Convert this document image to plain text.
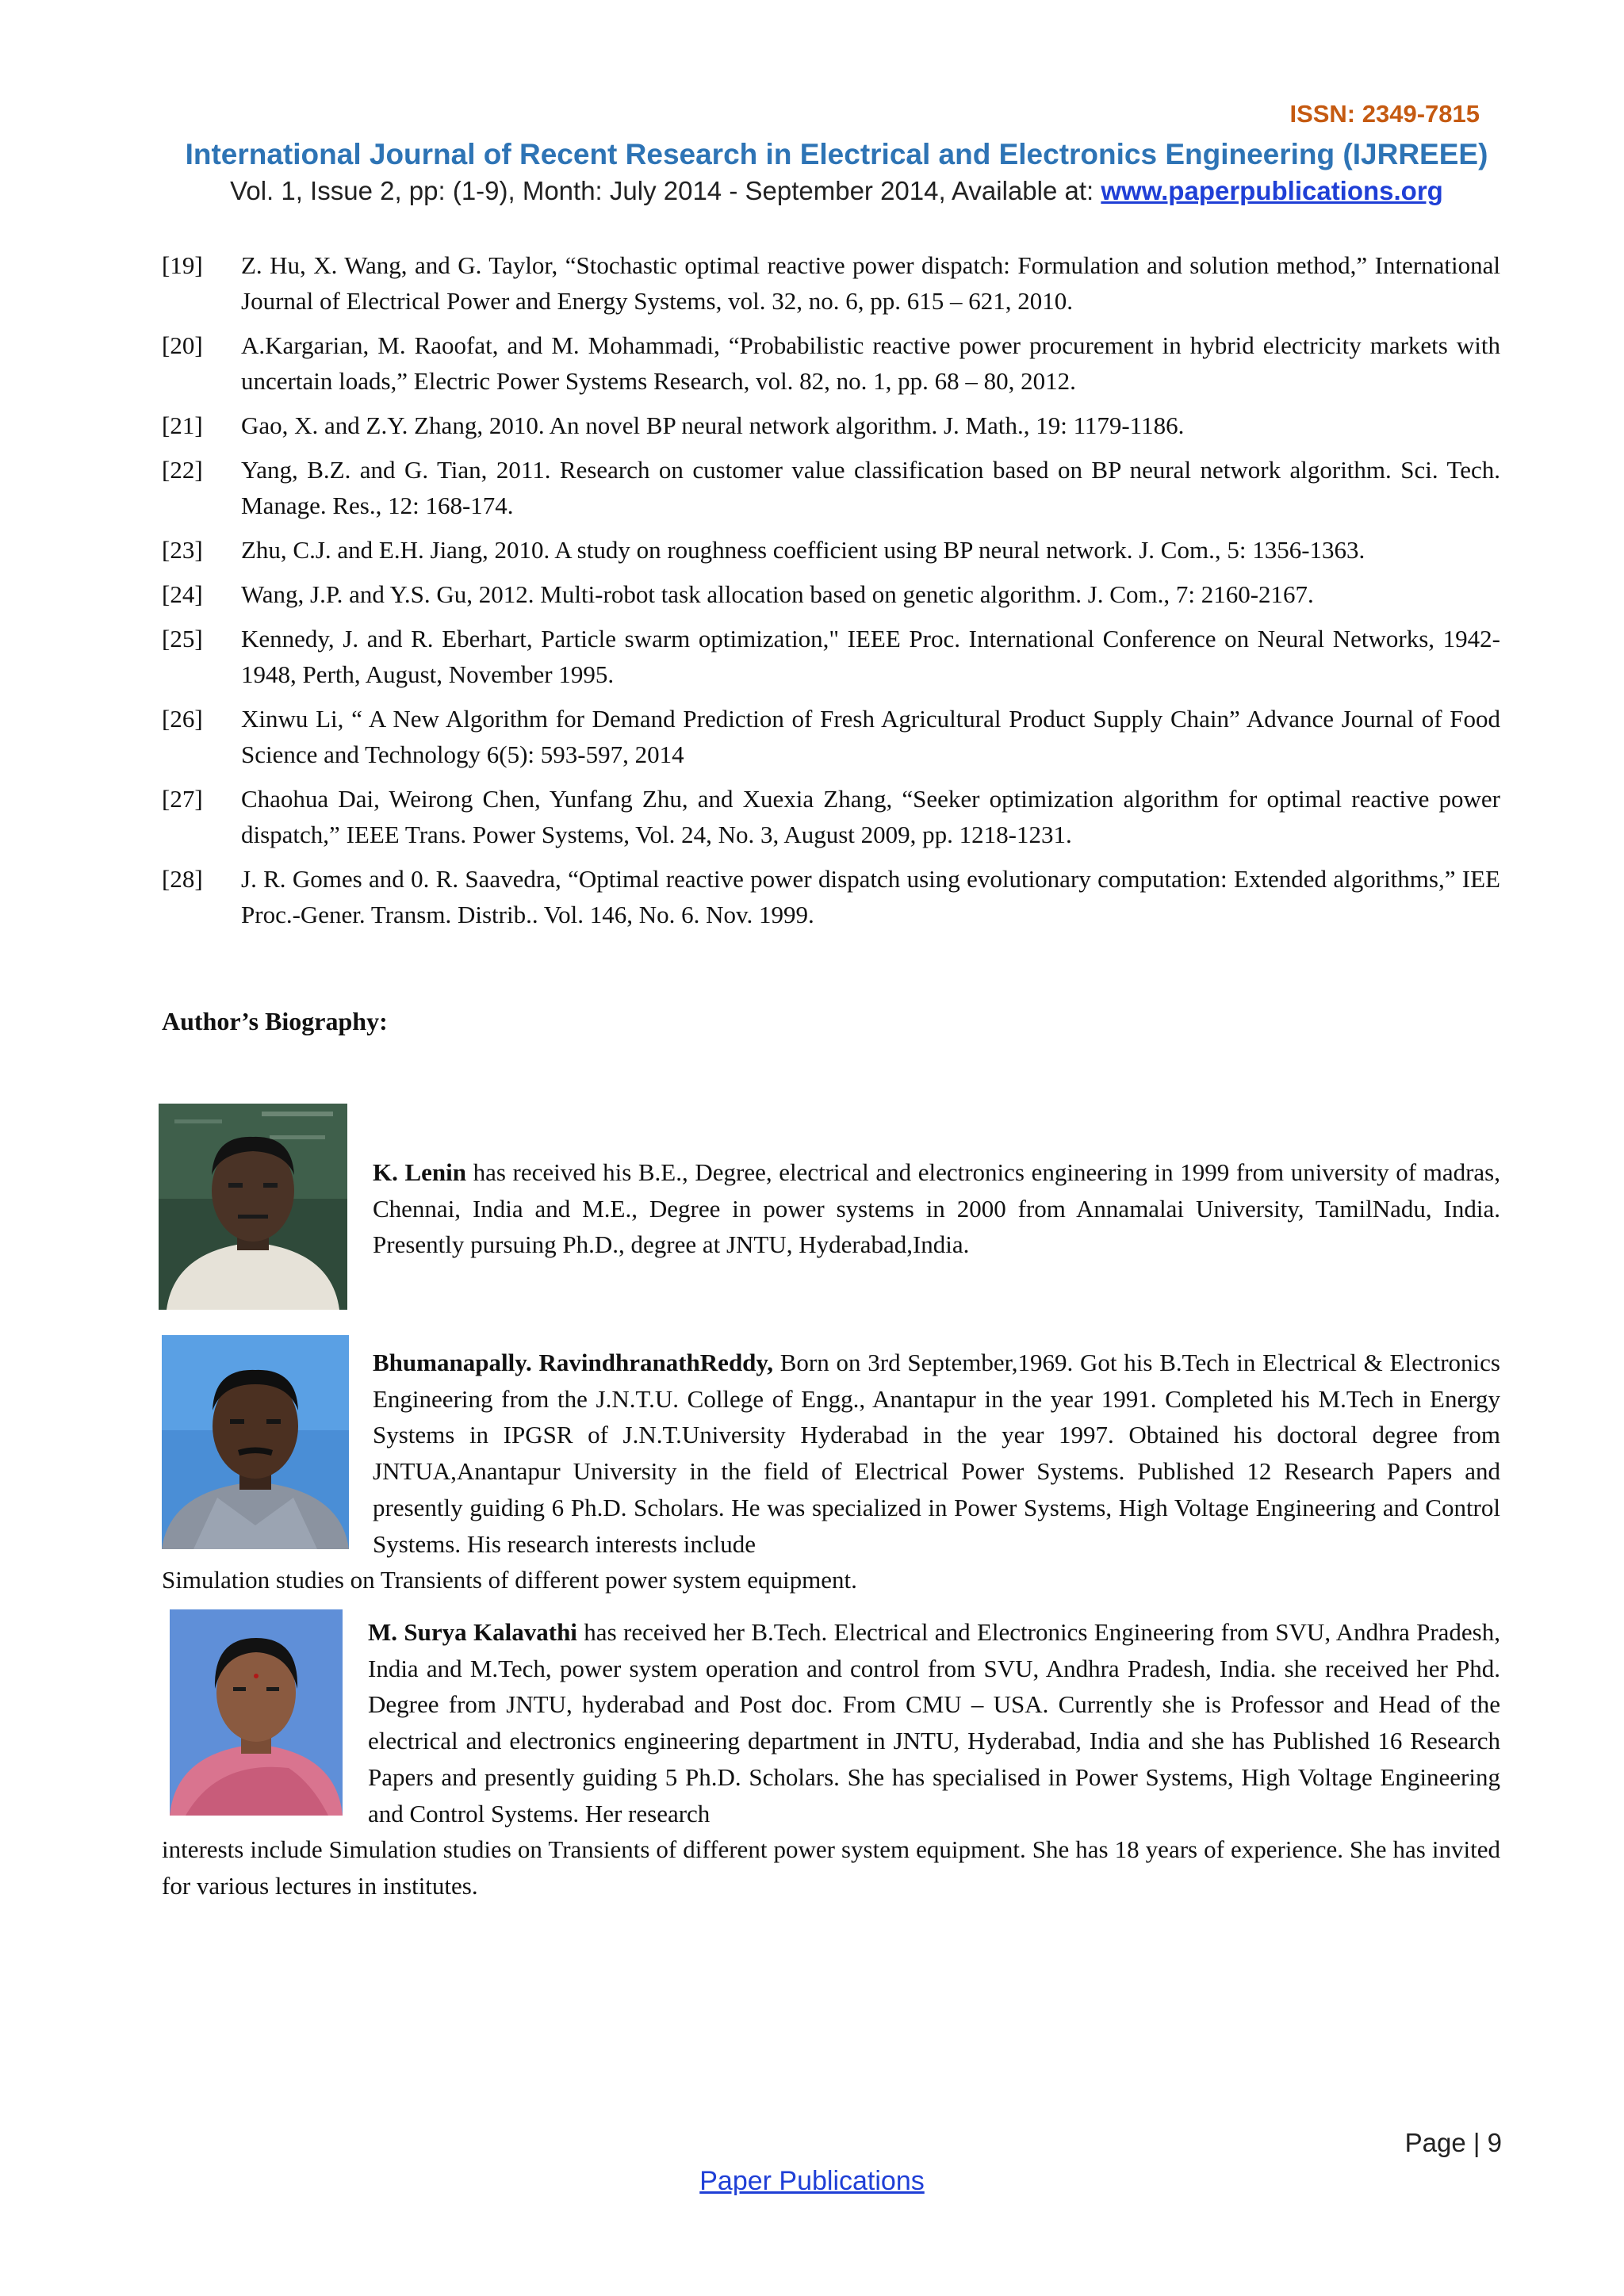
ISSN: 2349-7815
International Journal of Recent Research in Electrical and Electronics Engineering (IJRREEE)
Vol. 1, Issue 2, pp: (1-9), Month: July 2014 - September 2014, Available at: www.paperpublications.org
[19]	Z. Hu, X. Wang, and G. Taylor, “Stochastic optimal reactive power dispatch: Formulation and solution method,” International Journal of Electrical Power and Energy Systems, vol. 32, no. 6, pp. 615 – 621, 2010.
[20]	A.Kargarian, M. Raoofat, and M. Mohammadi, “Probabilistic reactive power procurement in hybrid electricity markets with uncertain loads,” Electric Power Systems Research, vol. 82, no. 1, pp. 68 – 80, 2012.
[21]	Gao, X. and Z.Y. Zhang, 2010. An novel BP neural network algorithm. J. Math., 19: 1179-1186.
[22]	Yang, B.Z. and G. Tian, 2011. Research on customer value classification based on BP neural network algorithm. Sci. Tech. Manage. Res., 12: 168-174.
[23]	Zhu, C.J. and E.H. Jiang, 2010. A study on roughness coefficient using BP neural network. J. Com., 5: 1356-1363.
[24]	Wang, J.P. and Y.S. Gu, 2012. Multi-robot task allocation based on genetic algorithm. J. Com., 7: 2160-2167.
[25]	Kennedy, J. and R. Eberhart, Particle swarm optimization," IEEE Proc. International Conference on Neural Networks, 1942-1948, Perth, August, November 1995.
[26]	Xinwu Li, “ A New Algorithm for Demand Prediction of Fresh Agricultural Product Supply Chain” Advance Journal of Food Science and Technology 6(5): 593-597, 2014
[27]	Chaohua Dai, Weirong Chen, Yunfang Zhu, and Xuexia Zhang, “Seeker optimization algorithm for optimal reactive power dispatch,” IEEE Trans. Power Systems, Vol. 24, No. 3, August 2009, pp. 1218-1231.
[28]	J. R. Gomes and 0. R. Saavedra, “Optimal reactive power dispatch using evolutionary computation: Extended algorithms,” IEE Proc.-Gener. Transm. Distrib.. Vol. 146, No. 6. Nov. 1999.
Author’s Biography:
K. Lenin has received his B.E., Degree, electrical and electronics engineering in 1999 from university of madras, Chennai, India and M.E., Degree in power systems in 2000 from Annamalai University, TamilNadu, India. Presently pursuing Ph.D., degree at JNTU, Hyderabad,India.
Bhumanapally. RavindhranathReddy, Born on 3rd September,1969. Got his B.Tech in Electrical & Electronics Engineering from the J.N.T.U. College of Engg., Anantapur in the year 1991. Completed his M.Tech in Energy Systems in IPGSR of J.N.T.University Hyderabad in the year 1997. Obtained his doctoral degree from JNTUA,Anantapur University in the field of Electrical Power Systems. Published 12 Research Papers and presently guiding 6 Ph.D. Scholars. He was specialized in Power Systems, High Voltage Engineering and Control Systems. His research interests include
Simulation studies on Transients of different power system equipment.
M. Surya Kalavathi has received her B.Tech. Electrical and Electronics Engineering from SVU, Andhra Pradesh, India and M.Tech, power system operation and control from SVU, Andhra Pradesh, India. she received her Phd. Degree from JNTU, hyderabad and Post doc. From CMU – USA. Currently she is Professor and Head of the electrical and electronics engineering department in JNTU, Hyderabad, India and she has Published 16 Research Papers and presently guiding 5 Ph.D. Scholars. She has specialised in Power Systems, High Voltage Engineering and Control Systems. Her research
interests include Simulation studies on Transients of different power system equipment. She has 18 years of experience. She has invited for various lectures in institutes.
Page | 9
Paper Publications
